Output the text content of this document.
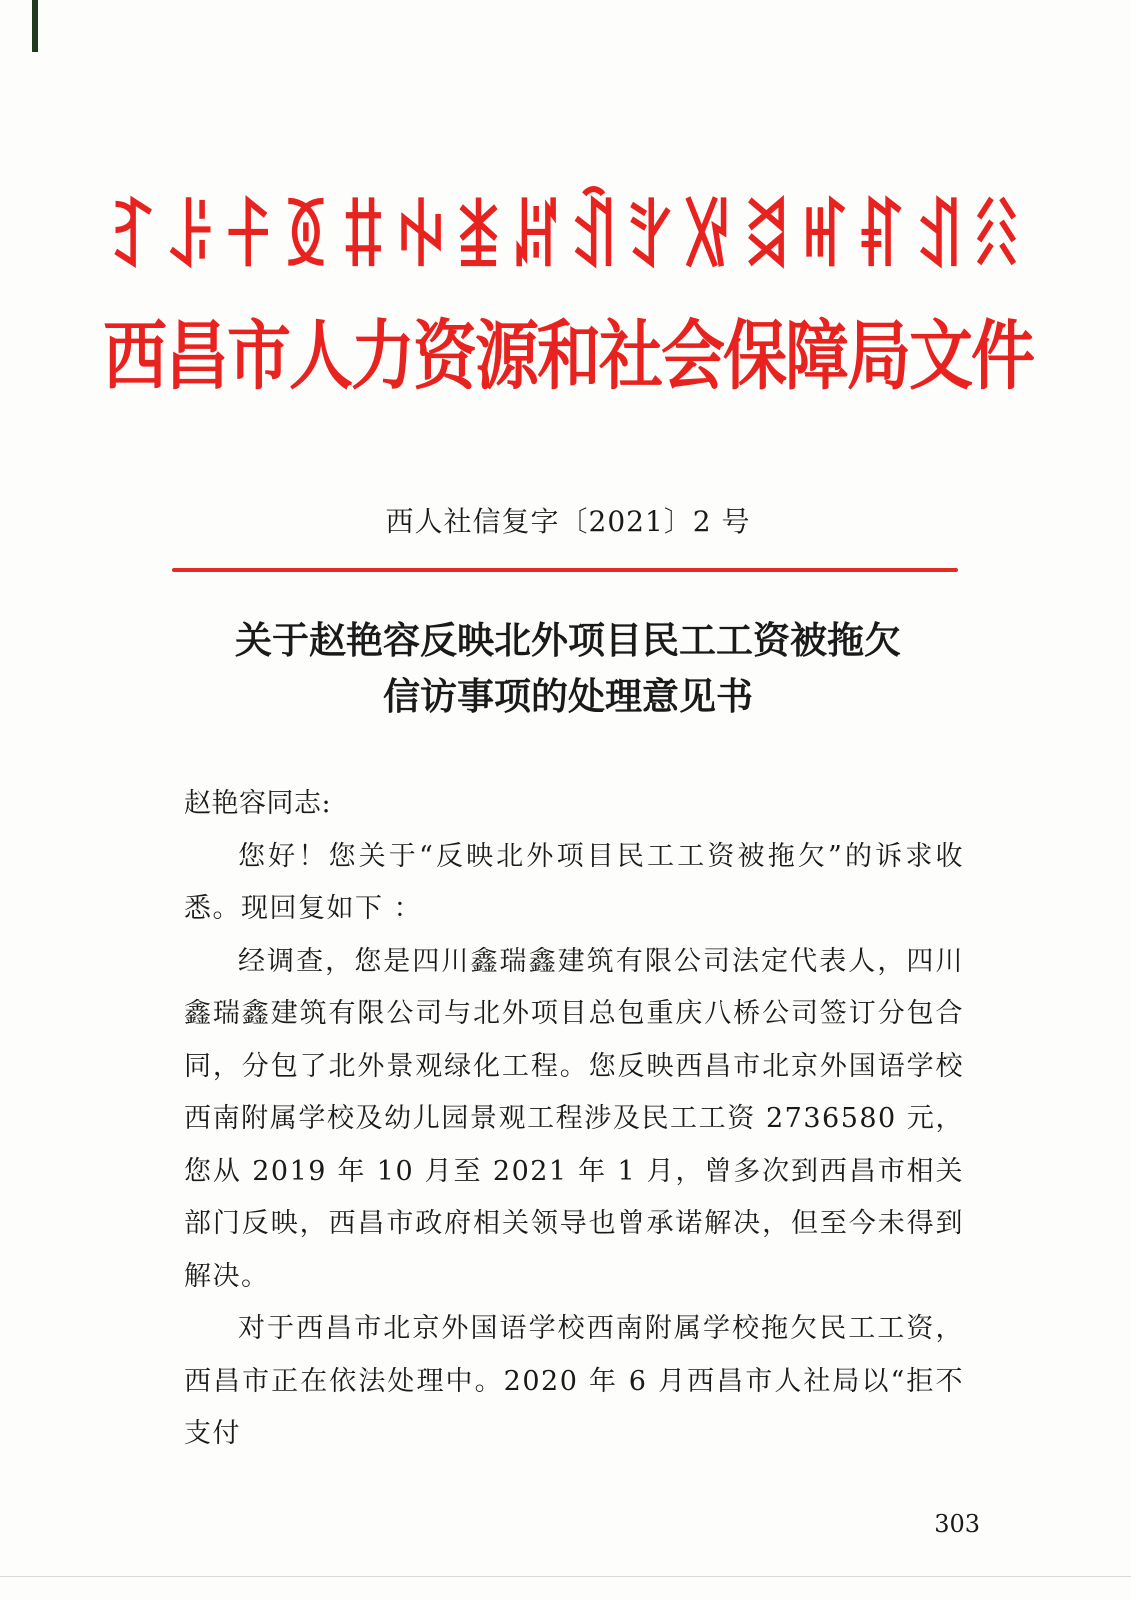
ꆈꌠꊰꅉꐚꑭꁧꏦꀉꇬꑟꈬꎭꐥꀊꋧ
西昌市人力资源和社会保障局文件
西人社信复字〔2021〕2 号
关于赵艳容反映北外项目民工工资被拖欠
信访事项的处理意见书

赵艳容同志:

您好！您关于“反映北外项目民工工资被拖欠”的诉求收悉。现回复如下 ：

经调查，您是四川鑫瑞鑫建筑有限公司法定代表人，四川鑫瑞鑫建筑有限公司与北外项目总包重庆八桥公司签订分包合同，分包了北外景观绿化工程。您反映西昌市北京外国语学校西南附属学校及幼儿园景观工程涉及民工工资 2736580 元，您从 2019 年 10 月至 2021 年 1 月，曾多次到西昌市相关部门反映，西昌市政府相关领导也曾承诺解决，但至今未得到解决。

对于西昌市北京外国语学校西南附属学校拖欠民工工资，西昌市正在依法处理中。2020 年 6 月西昌市人社局以“拒不支付

303
